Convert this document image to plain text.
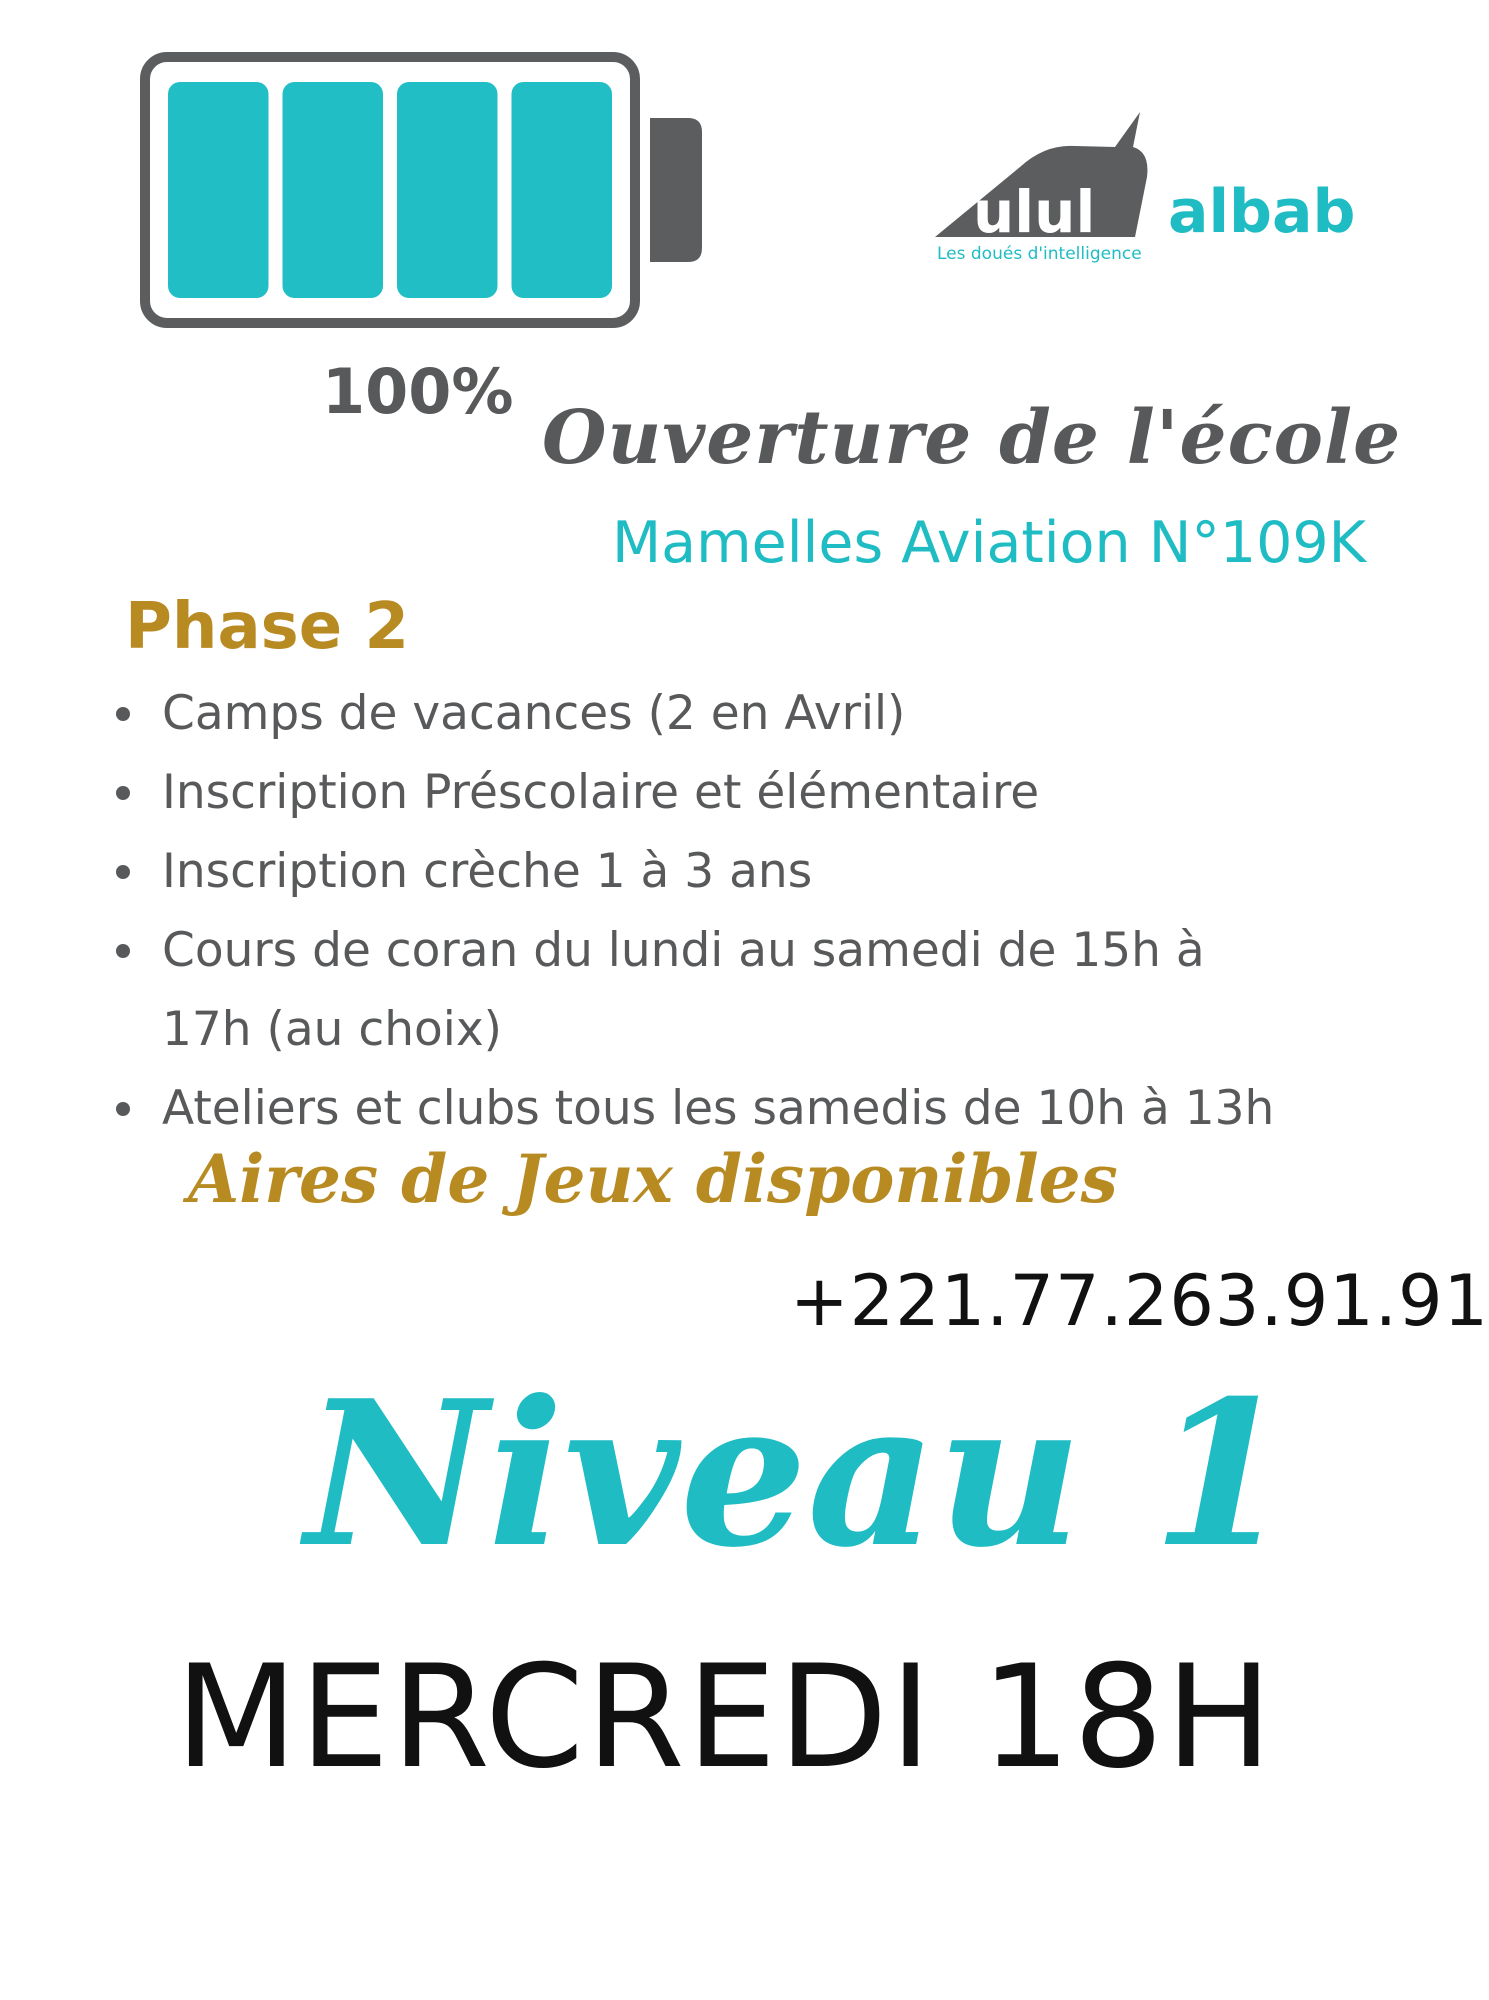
100%
ulul albab
Les doués d'intelligence
Ouverture de l'école
Mamelles Aviation N°109K
Phase 2
Camps de vacances (2 en Avril)
Inscription Préscolaire et élémentaire
Inscription crèche 1 à 3 ans
Cours de coran du lundi au samedi de 15h à 17h (au choix)
Ateliers et clubs tous les samedis de 10h à 13h
Aires de Jeux disponibles
+221.77.263.91.91
Niveau 1
MERCREDI 18H
